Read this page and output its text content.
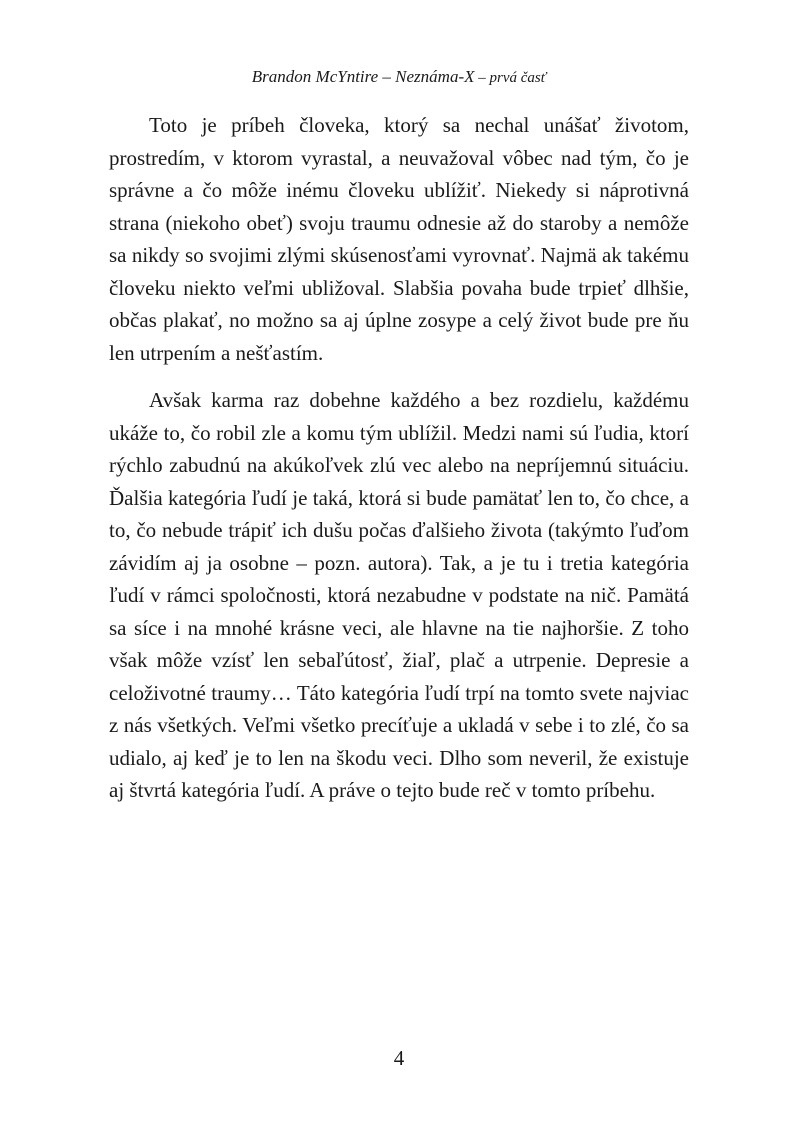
Brandon McYntire – Neznáma-X – prvá časť

Toto je príbeh človeka, ktorý sa nechal unášať životom, prostredím, v ktorom vyrastal, a neuvažoval vôbec nad tým, čo je správne a čo môže inému človeku ublížiť. Niekedy si náprotivná strana (niekoho obeť) svoju traumu odnesie až do staroby a nemôže sa nikdy so svojimi zlými skúsenosťami vyrovnať. Najmä ak takému človeku niekto veľmi ubližoval. Slabšia povaha bude trpieť dlhšie, občas plakať, no možno sa aj úplne zosype a celý život bude pre ňu len utrpením a nešťastím.

Avšak karma raz dobehne každého a bez rozdielu, každému ukáže to, čo robil zle a komu tým ublížil. Medzi nami sú ľudia, ktorí rýchlo zabudnú na akúkoľvek zlú vec alebo na nepríjemnú situáciu. Ďalšia kategória ľudí je taká, ktorá si bude pamätať len to, čo chce, a to, čo nebude trápiť ich dušu počas ďalšieho života (takýmto ľuďom závidím aj ja osobne – pozn. autora). Tak, a je tu i tretia kategória ľudí v rámci spoločnosti, ktorá nezabudne v podstate na nič. Pamätá sa síce i na mnohé krásne veci, ale hlavne na tie najhoršie. Z toho však môže vzísť len sebaľútosť, žiaľ, plač a utrpenie. Depresie a celoživotné traumy… Táto kategória ľudí trpí na tomto svete najviac z nás všetkých. Veľmi všetko precíťuje a ukladá v sebe i to zlé, čo sa udialo, aj keď je to len na škodu veci. Dlho som neveril, že existuje aj štvrtá kategória ľudí. A práve o tejto bude reč v tomto príbehu.

4
